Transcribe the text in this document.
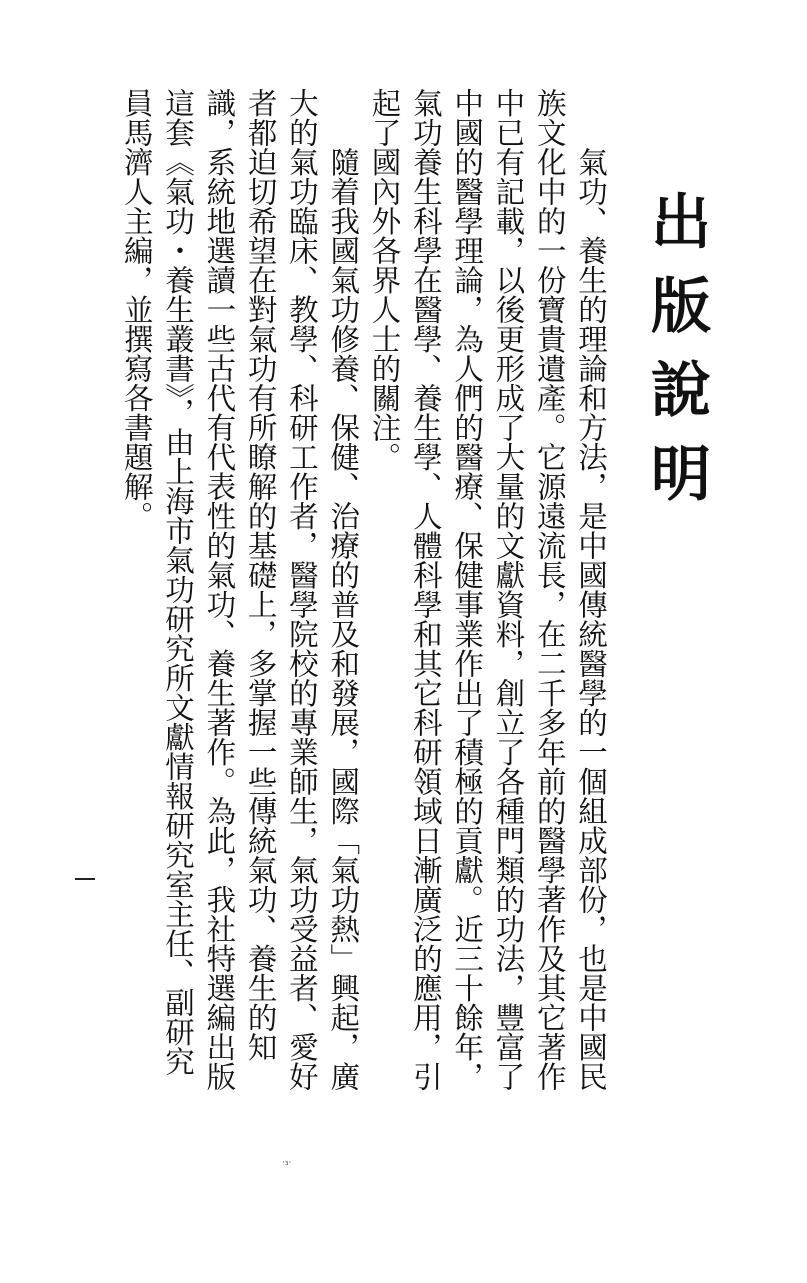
出版說明

氣功、養生的理論和方法，是中國傳統醫學的一個組成部份，也是中國民族文化中的一份寶貴遺產。它源遠流長，在二千多年前的醫學著作及其它著作中已有記載，以後更形成了大量的文獻資料，創立了各種門類的功法，豐富了中國的醫學理論，為人們的醫療、保健事業作出了積極的貢獻。近三十餘年，氣功養生科學在醫學、養生學、人體科學和其它科研領域日漸廣泛的應用，引起了國內外各界人士的關注。

隨着我國氣功修養、保健、治療的普及和發展，國際「氣功熱」興起，廣大的氣功臨床、教學、科研工作者，醫學院校的專業師生，氣功受益者、愛好者都迫切希望在對氣功有所瞭解的基礎上，多掌握一些傳統氣功、養生的知識，系統地選讀一些古代有代表性的氣功、養生著作。為此，我社特選編出版這套《氣功・養生叢書》，由上海市氣功研究所文獻情報研究室主任、副研究員馬濟人主編，並撰寫各書題解。

·₃·
